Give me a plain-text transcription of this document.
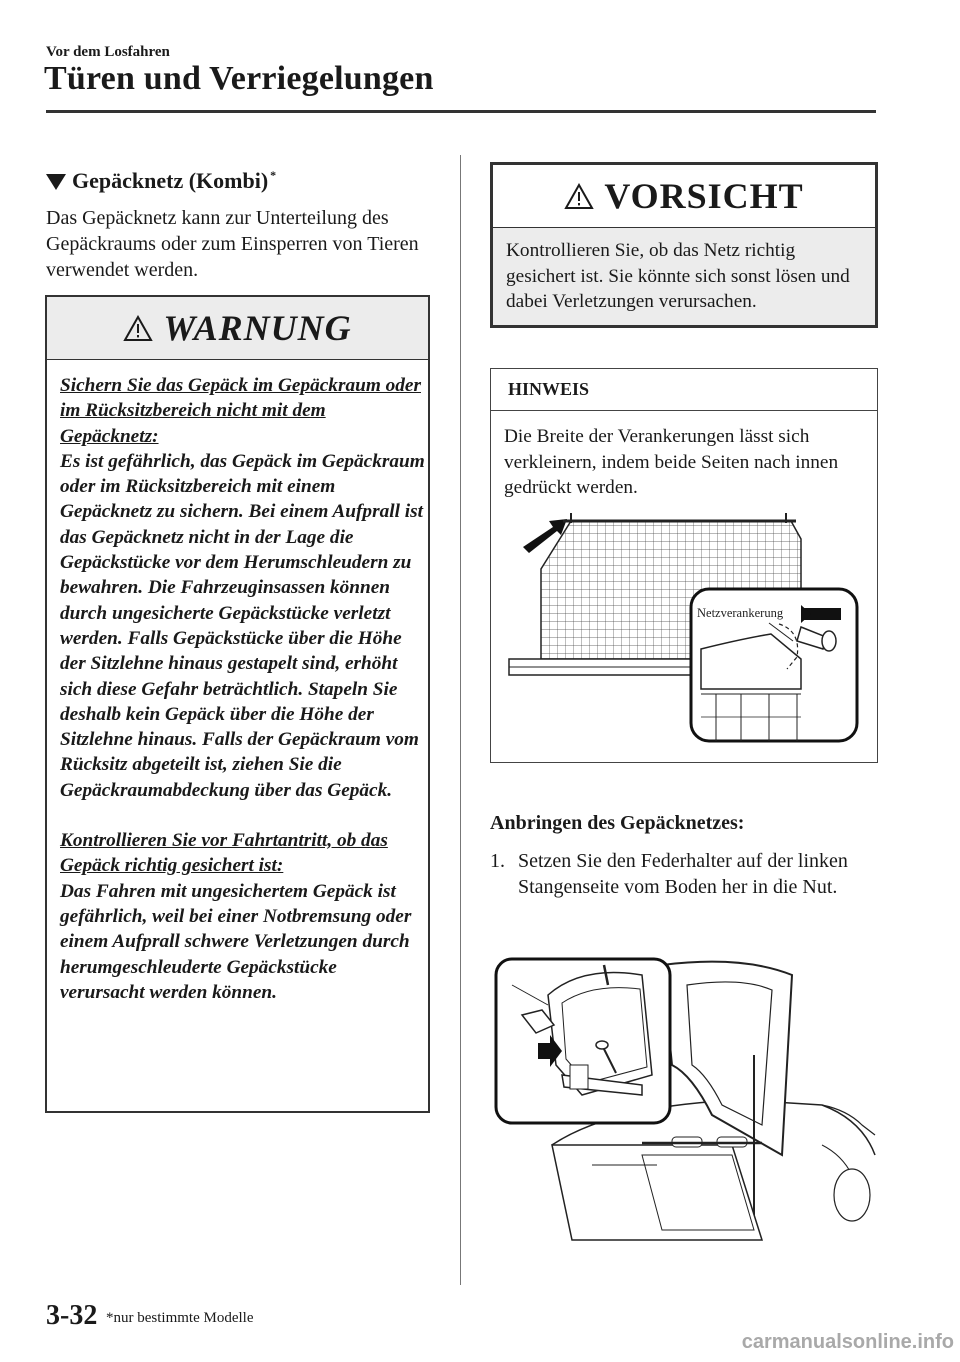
Vor dem Losfahren
Türen und Verriegelungen
Gepäcknetz (Kombi)*
Das Gepäcknetz kann zur Unterteilung des Gepäckraums oder zum Einsperren von Tieren verwendet werden.
WARNUNG

Sichern Sie das Gepäck im Gepäckraum oder im Rücksitzbereich nicht mit dem Gepäcknetz:

Es ist gefährlich, das Gepäck im Gepäckraum oder im Rücksitzbereich mit einem Gepäcknetz zu sichern. Bei einem Aufprall ist das Gepäcknetz nicht in der Lage die Gepäckstücke vor dem Herumschleudern zu bewahren. Die Fahrzeuginsassen können durch ungesicherte Gepäckstücke verletzt werden. Falls Gepäckstücke über die Höhe der Sitzlehne hinaus gestapelt sind, erhöht sich diese Gefahr beträchtlich. Stapeln Sie deshalb kein Gepäck über die Höhe der Sitzlehne hinaus. Falls der Gepäckraum vom Rücksitz abgeteilt ist, ziehen Sie die Gepäckraumabdeckung über das Gepäck.

Kontrollieren Sie vor Fahrtantritt, ob das Gepäck richtig gesichert ist:

Das Fahren mit ungesichertem Gepäck ist gefährlich, weil bei einer Notbremsung oder einem Aufprall schwere Verletzungen durch herumgeschleuderte Gepäckstücke verursacht werden können.

VORSICHT
Kontrollieren Sie, ob das Netz richtig gesichert ist. Sie könnte sich sonst lösen und dabei Verletzungen verursachen.
HINWEIS
Die Breite der Verankerungen lässt sich verkleinern, indem beide Seiten nach innen gedrückt werden.
Netzverankerung
Anbringen des Gepäcknetzes:
1. Setzen Sie den Federhalter auf der linken Stangenseite vom Boden her in die Nut.
3-32 *nur bestimmte Modelle
carmanualsonline.info
